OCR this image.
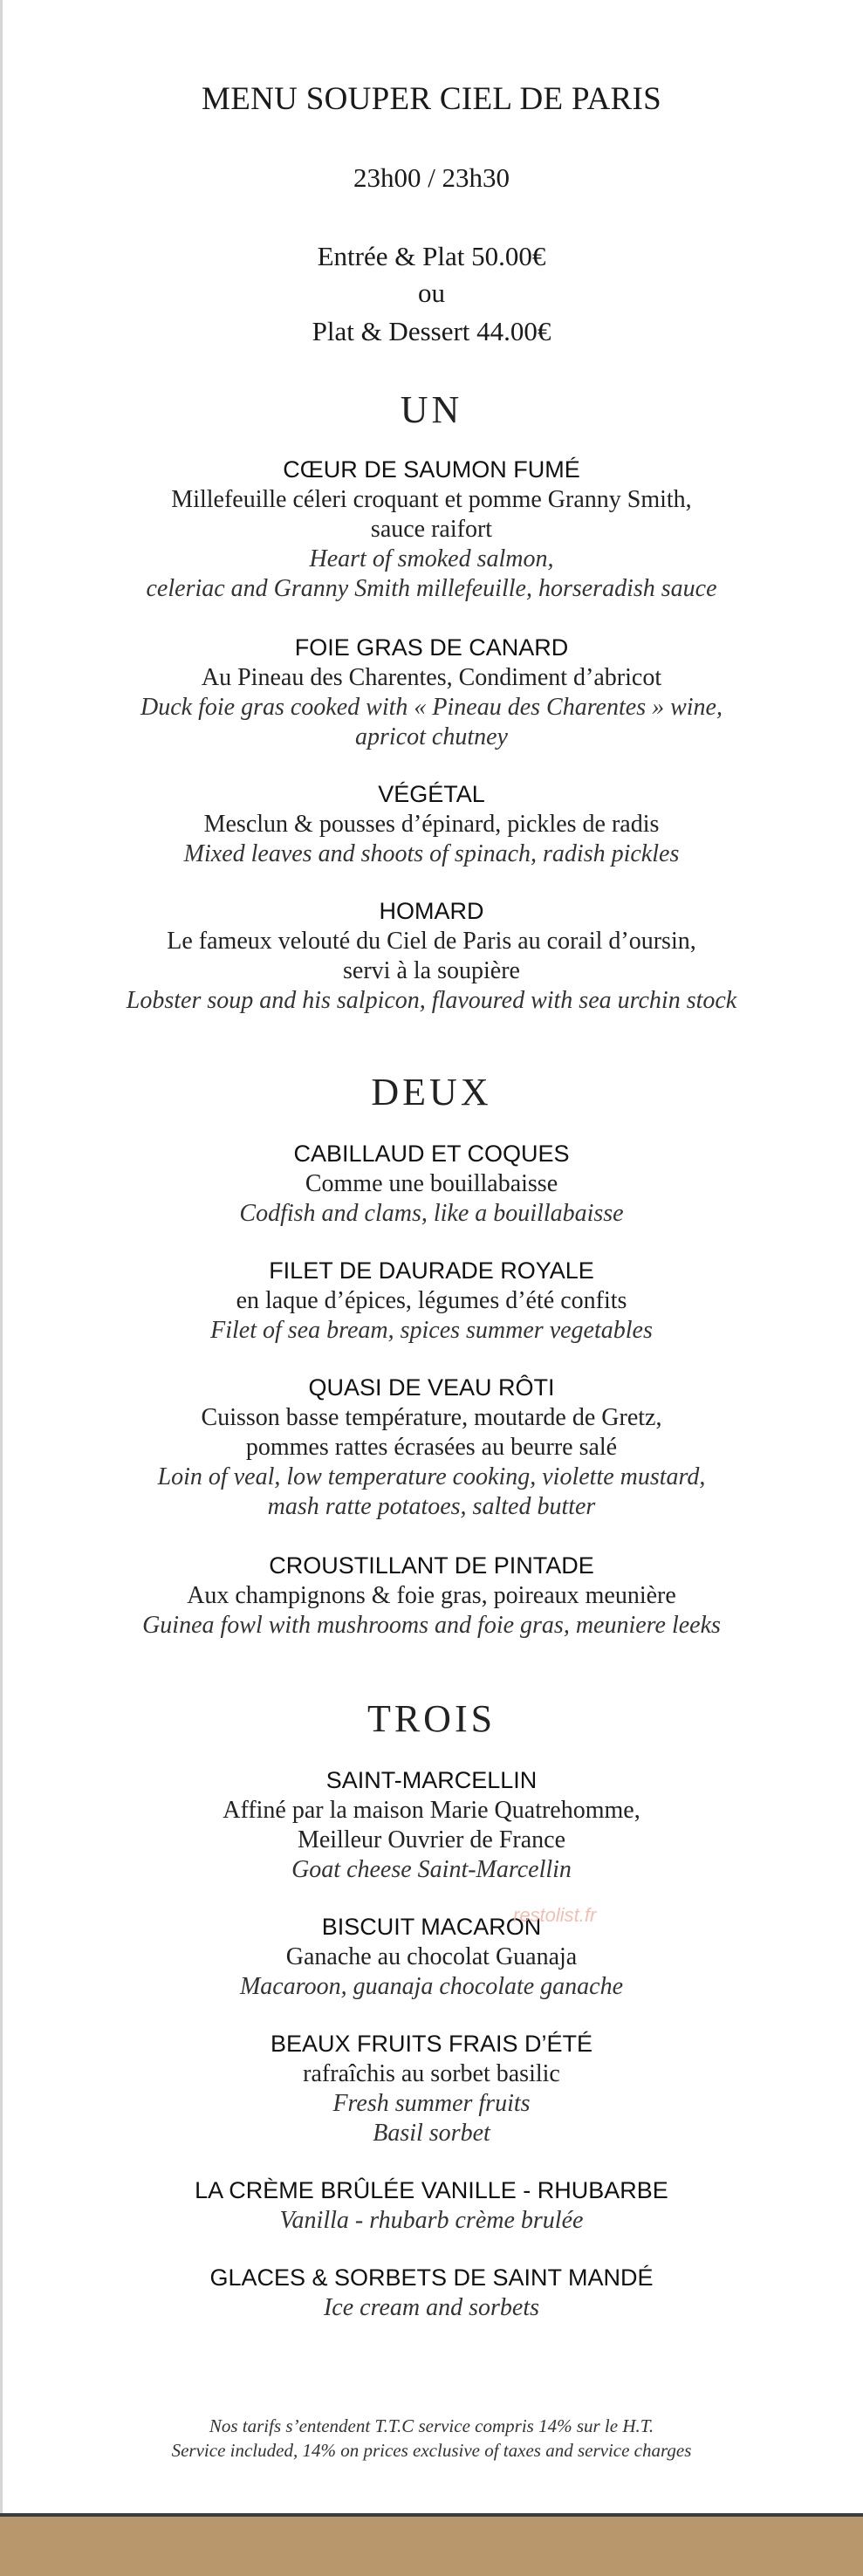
MENU SOUPER CIEL DE PARIS
23h00 / 23h30
Entrée & Plat 50.00€
ou
Plat & Dessert 44.00€
UN
CŒUR DE SAUMON FUMÉ
Millefeuille céleri croquant et pomme Granny Smith,
sauce raifort
Heart of smoked salmon,
celeriac and Granny Smith millefeuille, horseradish sauce
FOIE GRAS DE CANARD
Au Pineau des Charentes, Condiment d’abricot
Duck foie gras cooked with « Pineau des Charentes » wine,
apricot chutney
VÉGÉTAL
Mesclun & pousses d’épinard, pickles de radis
Mixed leaves and shoots of spinach, radish pickles
HOMARD
Le fameux velouté du Ciel de Paris au corail d’oursin,
servi à la soupière
Lobster soup and his salpicon, flavoured with sea urchin stock
DEUX
CABILLAUD ET COQUES
Comme une bouillabaisse
Codfish and clams, like a bouillabaisse
FILET DE DAURADE ROYALE
en laque d’épices, légumes d’été confits
Filet of sea bream, spices summer vegetables
QUASI DE VEAU RÔTI
Cuisson basse température, moutarde de Gretz,
pommes rattes écrasées au beurre salé
Loin of veal, low temperature cooking, violette mustard,
mash ratte potatoes, salted butter
CROUSTILLANT DE PINTADE
Aux champignons & foie gras, poireaux meunière
Guinea fowl with mushrooms and foie gras, meuniere leeks
TROIS
SAINT-MARCELLIN
Affiné par la maison Marie Quatrehomme,
Meilleur Ouvrier de France
Goat cheese Saint-Marcellin
BISCUIT MACARON
Ganache au chocolat Guanaja
Macaroon, guanaja chocolate ganache
BEAUX FRUITS FRAIS D’ÉTÉ
rafraîchis au sorbet basilic
Fresh summer fruits
Basil sorbet
LA CRÈME BRÛLÉE VANILLE - RHUBARBE
Vanilla - rhubarb crème brulée
GLACES & SORBETS DE SAINT MANDÉ
Ice cream and sorbets
restolist.fr
Nos tarifs s’entendent T.T.C service compris 14% sur le H.T.
Service included, 14% on prices exclusive of taxes and service charges
